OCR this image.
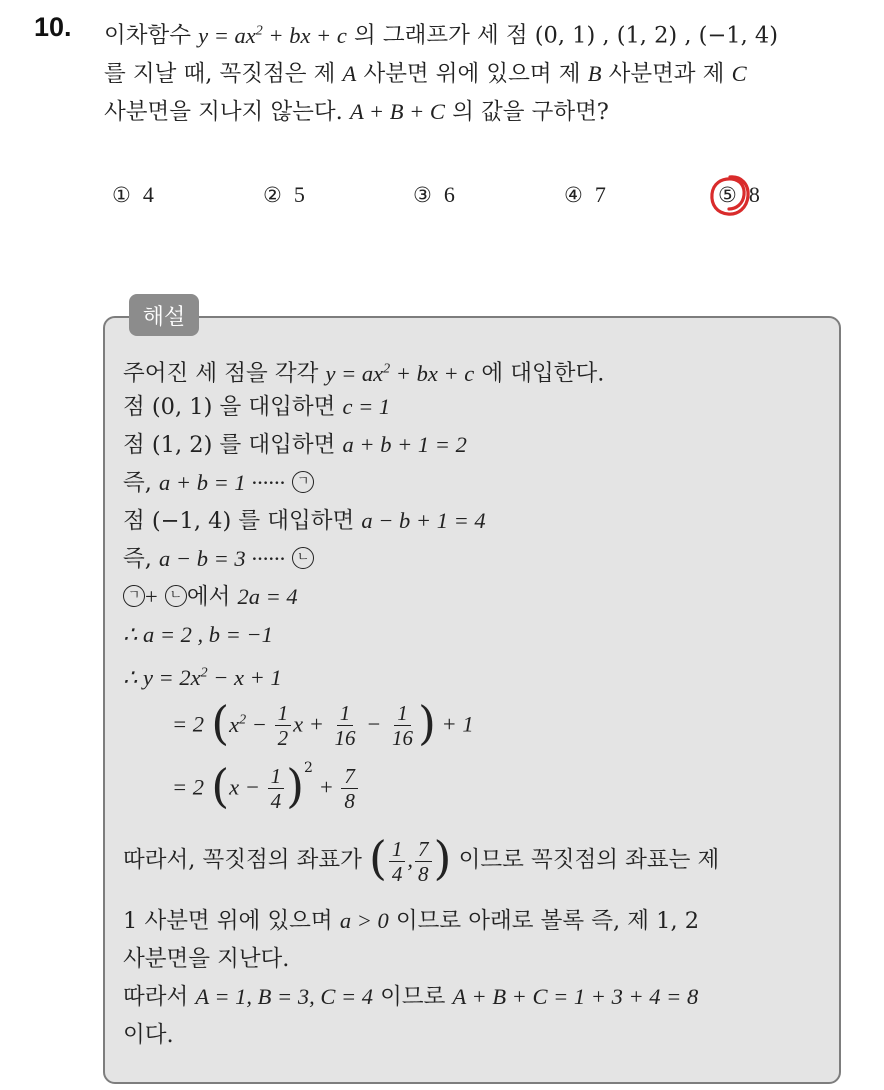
10. 이차함수 $y = ax^2$ + bx + c 의 그래프가 세 점 (0, 1) , (1, 2) , (−1, 4)
를 지날 때, 꼭짓점은 제 A 사분면 위에 있으며 제 B 사분면과 제 C
사분면을 지나지 않는다. A + B + C 의 값을 구하면?
① 4	② 5	③ 6	④ 7	⑤ 8
해설
주어진 세 점을 각각 $y = ax^2$ + bx + c 에 대입한다.
점 (0, 1) 을 대입하면 c = 1
점 (1, 2) 를 대입하면 a + b + 1 = 2
즉, a + b = 1 ······ ㄱ
점 (−1, 4) 를 대입하면 a − b + 1 = 4
즉, a − b = 3 ······ ㄴ
ㄱ + ㄴ 에서 2a = 4
∴ a = 2 , b = −1
∴ $y = 2x^2 - x + 1$
= 2 ($x^2 - \frac{1}{2}$ $x + \frac{1}{16} - \frac{1}{16}$ ) + 1
= 2 $(x - \frac{1}{4} )^2 + \frac{7}{8}$
따라서, 꼭짓점의 좌표가 ( $\frac{1}{4}$ , $\frac{7}{8}$ ) 이므로 꼭짓점의 좌표는 제
1 사분면 위에 있으며 a > 0 이므로 아래로 볼록 즉, 제 1, 2
사분면을 지난다.
따라서 A = 1, B = 3, C = 4 이므로 A + B + C = 1 + 3 + 4 = 8
이다.
